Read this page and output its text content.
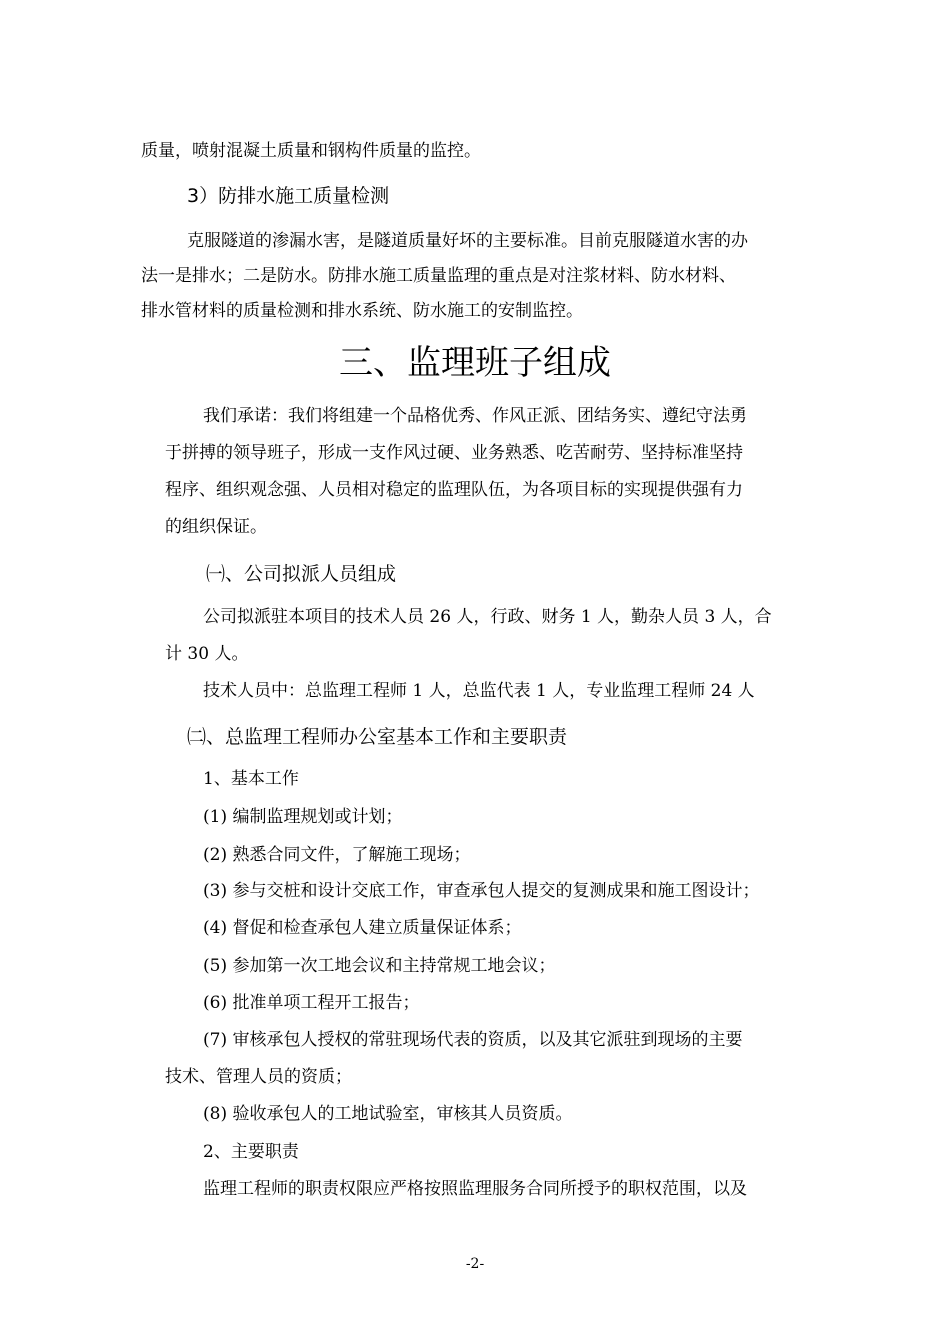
质量，喷射混凝土质量和钢构件质量的监控。
3）防排水施工质量检测
克服隧道的渗漏水害，是隧道质量好坏的主要标准。目前克服隧道水害的办
法一是排水；二是防水。防排水施工质量监理的重点是对注浆材料、防水材料、
排水管材料的质量检测和排水系统、防水施工的安制监控。
三、监理班子组成
我们承诺：我们将组建一个品格优秀、作风正派、团结务实、遵纪守法勇
于拼搏的领导班子，形成一支作风过硬、业务熟悉、吃苦耐劳、坚持标准坚持
程序、组织观念强、人员相对稳定的监理队伍，为各项目标的实现提供强有力
的组织保证。
㈠、公司拟派人员组成
公司拟派驻本项目的技术人员 26 人，行政、财务 1 人，勤杂人员 3 人，合
计 30 人。
技术人员中：总监理工程师 1 人，总监代表 1 人，专业监理工程师 24 人
㈡、总监理工程师办公室基本工作和主要职责
1、基本工作
(1) 编制监理规划或计划；
(2) 熟悉合同文件，了解施工现场；
(3) 参与交桩和设计交底工作，审查承包人提交的复测成果和施工图设计；
(4) 督促和检查承包人建立质量保证体系；
(5) 参加第一次工地会议和主持常规工地会议；
(6) 批准单项工程开工报告；
(7) 审核承包人授权的常驻现场代表的资质，以及其它派驻到现场的主要
技术、管理人员的资质；
(8) 验收承包人的工地试验室，审核其人员资质。
2、主要职责
监理工程师的职责权限应严格按照监理服务合同所授予的职权范围，以及
-2-
